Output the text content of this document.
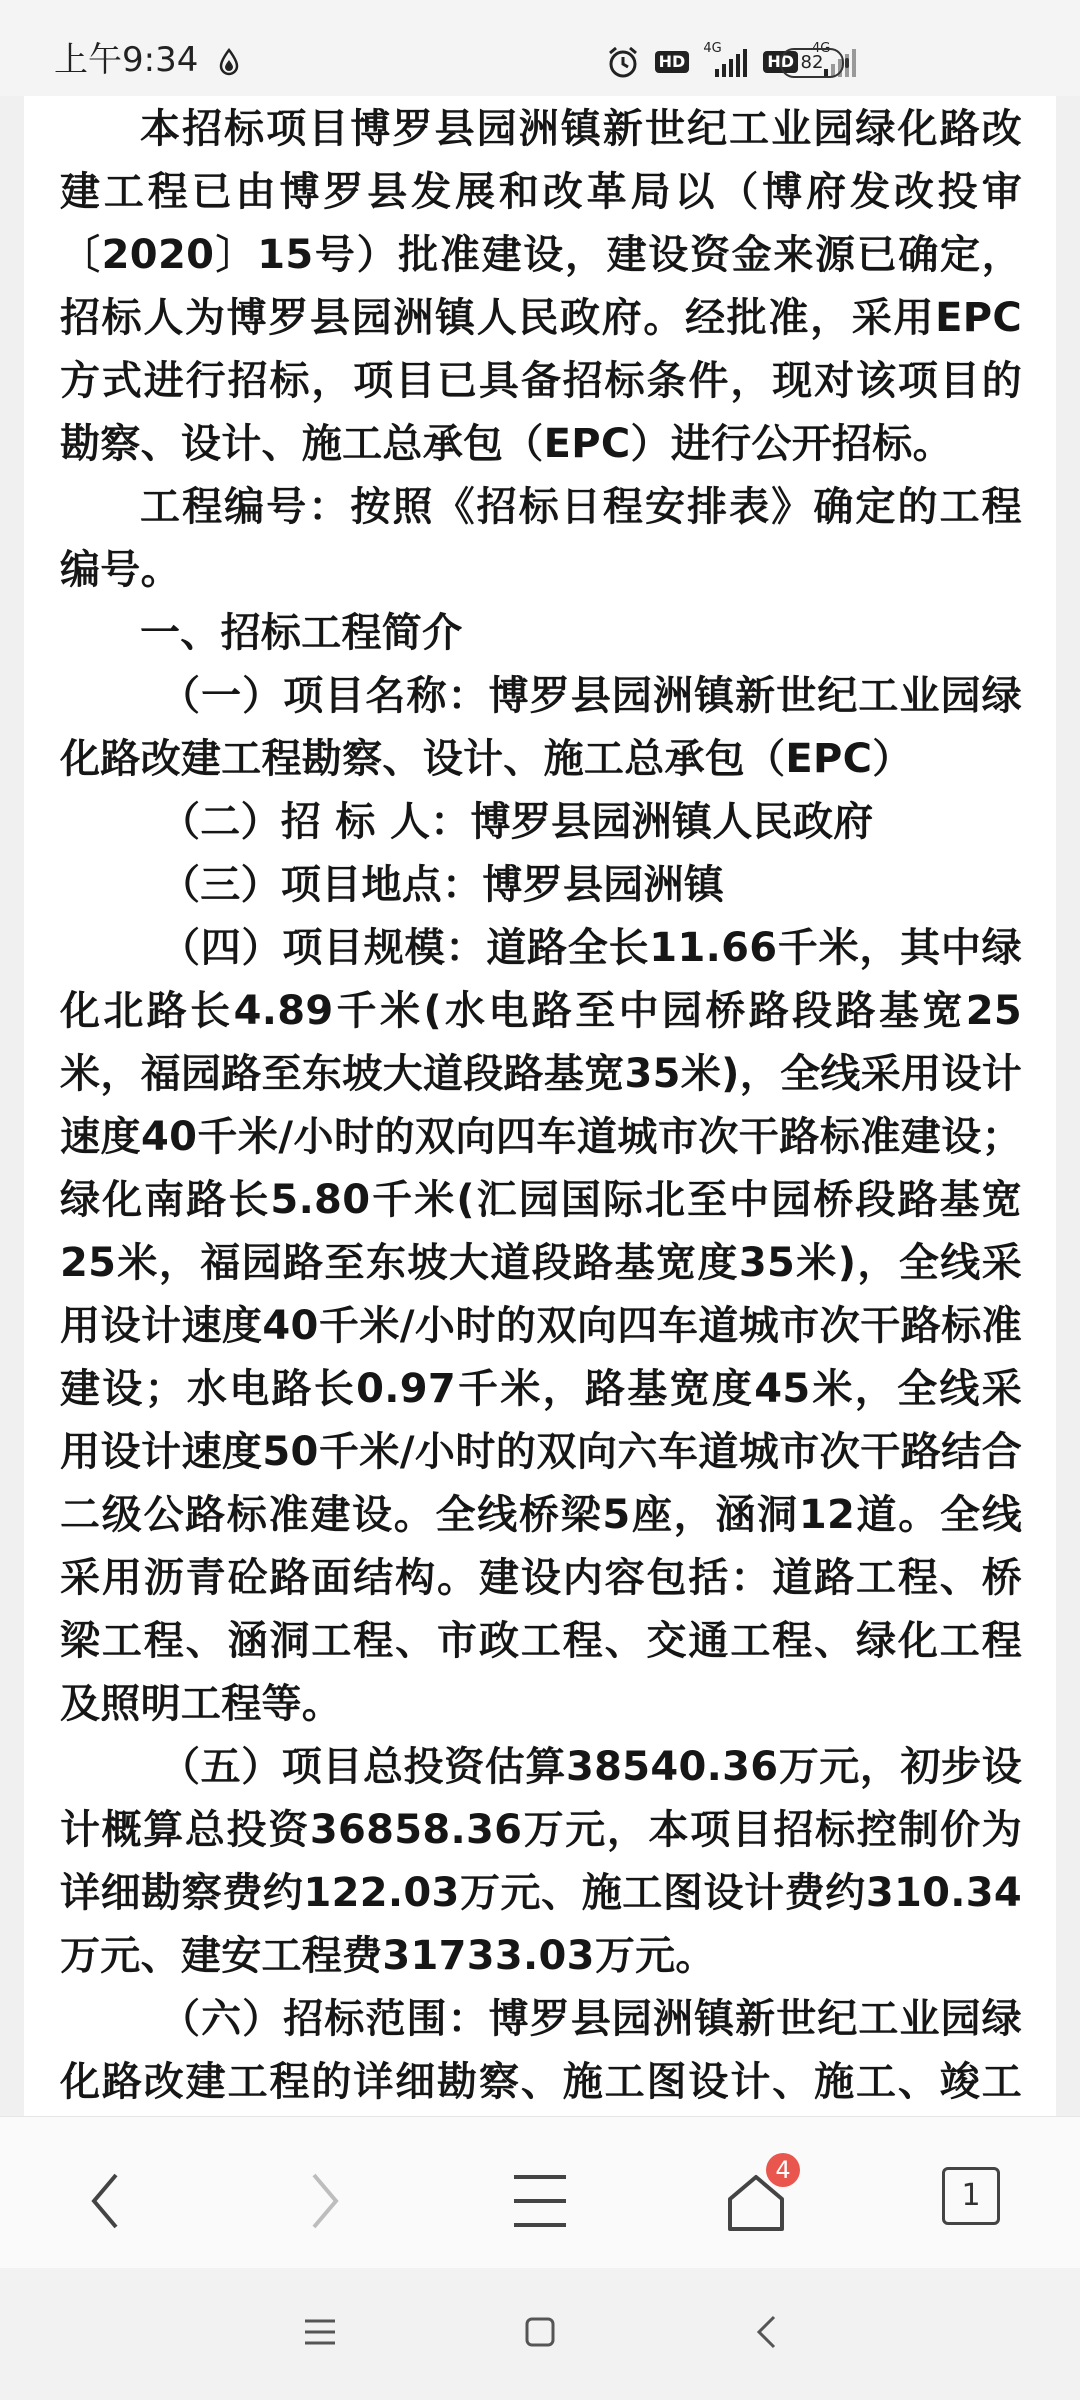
上午9:34	HD
4G
HD
4G
82

本招标项目博罗县园洲镇新世纪工业园绿化路改建工程已由博罗县发展和改革局以（博府发改投审〔2020〕15号）批准建设，建设资金来源已确定，招标人为博罗县园洲镇人民政府。经批准，采用EPC方式进行招标，项目已具备招标条件，现对该项目的勘察、设计、施工总承包（EPC）进行公开招标。

工程编号：按照《招标日程安排表》确定的工程编号。

一、招标工程简介

（一）项目名称：博罗县园洲镇新世纪工业园绿化路改建工程勘察、设计、施工总承包（EPC）

（二）招 标 人：博罗县园洲镇人民政府

（三）项目地点：博罗县园洲镇

（四）项目规模：道路全长11.66千米，其中绿化北路长4.89千米(水电路至中园桥路段路基宽25米，福园路至东坡大道段路基宽35米)，全线采用设计速度40千米/小时的双向四车道城市次干路标准建设；绿化南路长5.80千米(汇园国际北至中园桥段路基宽25米，福园路至东坡大道段路基宽度35米)，全线采用设计速度40千米/小时的双向四车道城市次干路标准建设；水电路长0.97千米，路基宽度45米，全线采用设计速度50千米/小时的双向六车道城市次干路结合二级公路标准建设。全线桥梁5座，涵洞12道。全线采用沥青砼路面结构。建设内容包括：道路工程、桥梁工程、涵洞工程、市政工程、交通工程、绿化工程及照明工程等。

（五）项目总投资估算38540.36万元，初步设计概算总投资36858.36万元，本项目招标控制价为详细勘察费约122.03万元、施工图设计费约310.34万元、建安工程费31733.03万元。

（六）招标范围：博罗县园洲镇新世纪工业园绿化路改建工程的详细勘察、施工图设计、施工、竣工

4
1
